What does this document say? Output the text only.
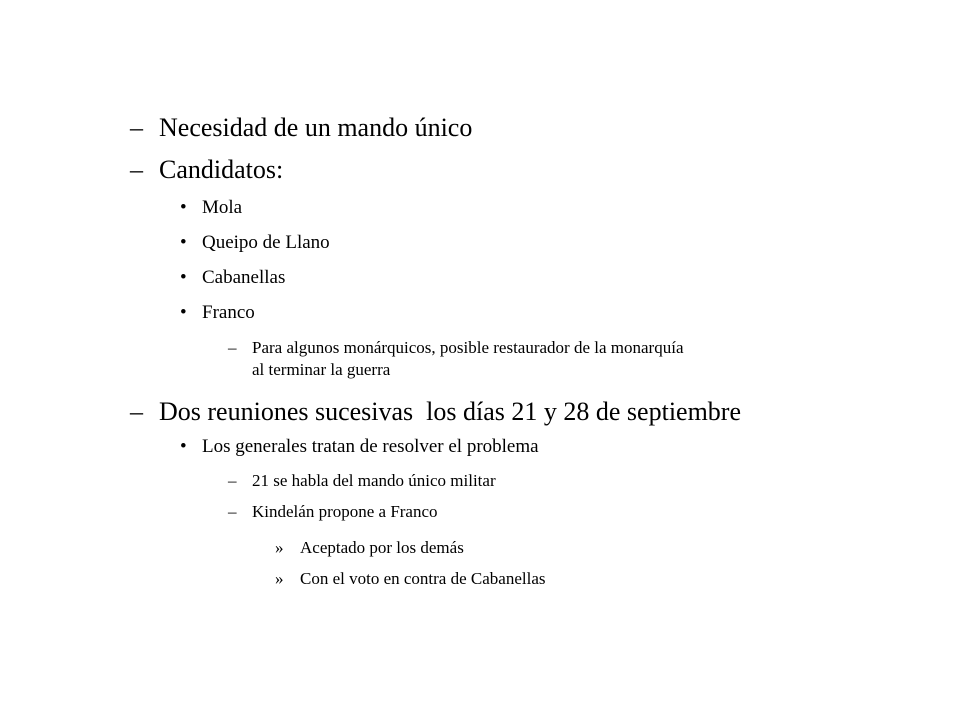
– Necesidad de un mando único
– Candidatos:
• Mola
• Queipo de Llano
• Cabanellas
• Franco
– Para algunos monárquicos, posible restaurador de la monarquía
al terminar la guerra
– Dos reuniones sucesivas  los días 21 y 28 de septiembre
• Los generales tratan de resolver el problema
– 21 se habla del mando único militar
– Kindelán propone a Franco
» Aceptado por los demás
» Con el voto en contra de Cabanellas
